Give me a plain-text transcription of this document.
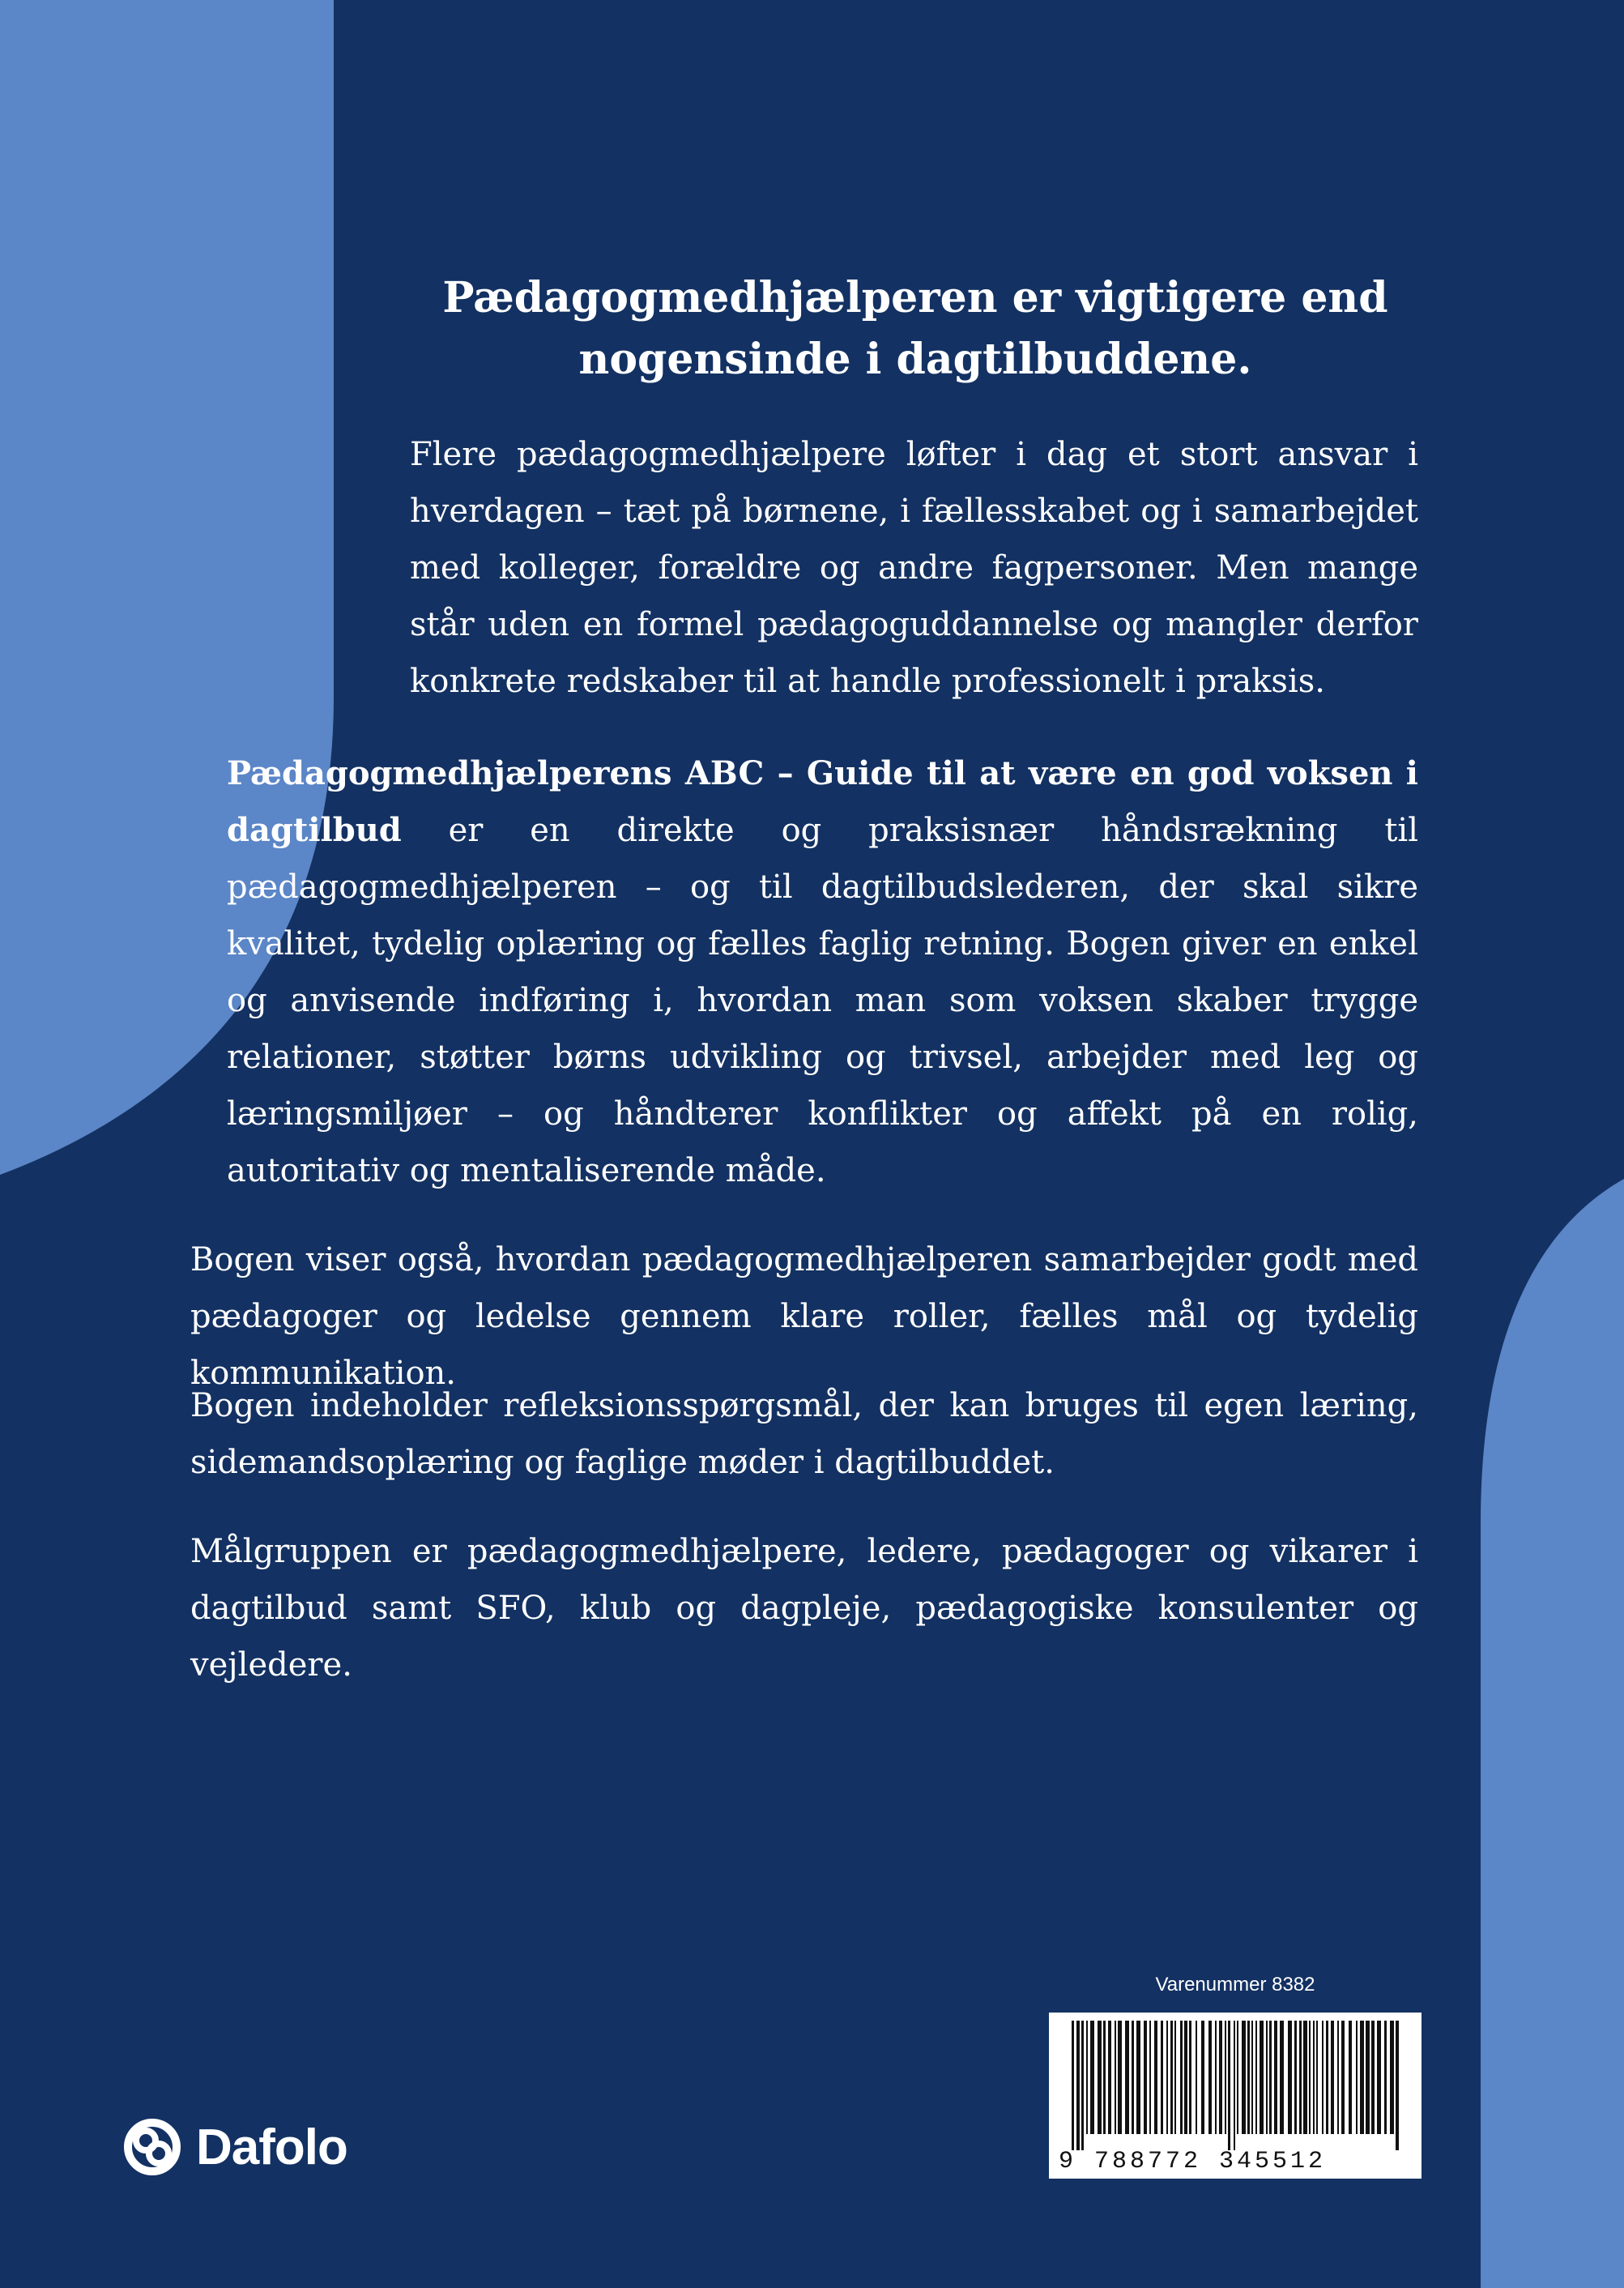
Pædagogmedhjælperen er vigtigere end
nogensinde i dagtilbuddene.

Flere pædagogmedhjælpere løfter i dag et stort ansvar i hverdagen – tæt på børnene, i fællesskabet og i samarbejdet med kolleger, forældre og andre fagpersoner. Men mange står uden en formel pædagoguddannelse og mangler derfor konkrete redskaber til at handle professionelt i praksis.

Pædagogmedhjælperens ABC – Guide til at være en god voksen i dagtilbud er en direkte og praksisnær håndsrækning til pædagogmedhjælperen – og til dagtilbudslederen, der skal sikre kvalitet, tydelig oplæring og fælles faglig retning. Bogen giver en enkel og anvisende indføring i, hvordan man som voksen skaber trygge relationer, støtter børns udvikling og trivsel, arbejder med leg og læringsmiljøer – og håndterer konflikter og affekt på en rolig, autoritativ og mentaliserende måde.

Bogen viser også, hvordan pædagogmedhjælperen samarbejder godt med pædagoger og ledelse gennem klare roller, fælles mål og tydelig kommunikation.

Bogen indeholder refleksionsspørgsmål, der kan bruges til egen læring, sidemandsoplæring og faglige møder i dagtilbuddet.

Målgruppen er pædagogmedhjælpere, ledere, pædagoger og vikarer i dagtilbud samt SFO, klub og dagpleje, pædagogiske konsulenter og vejledere.

Varenummer 8382
9 788772 345512
Dafolo
